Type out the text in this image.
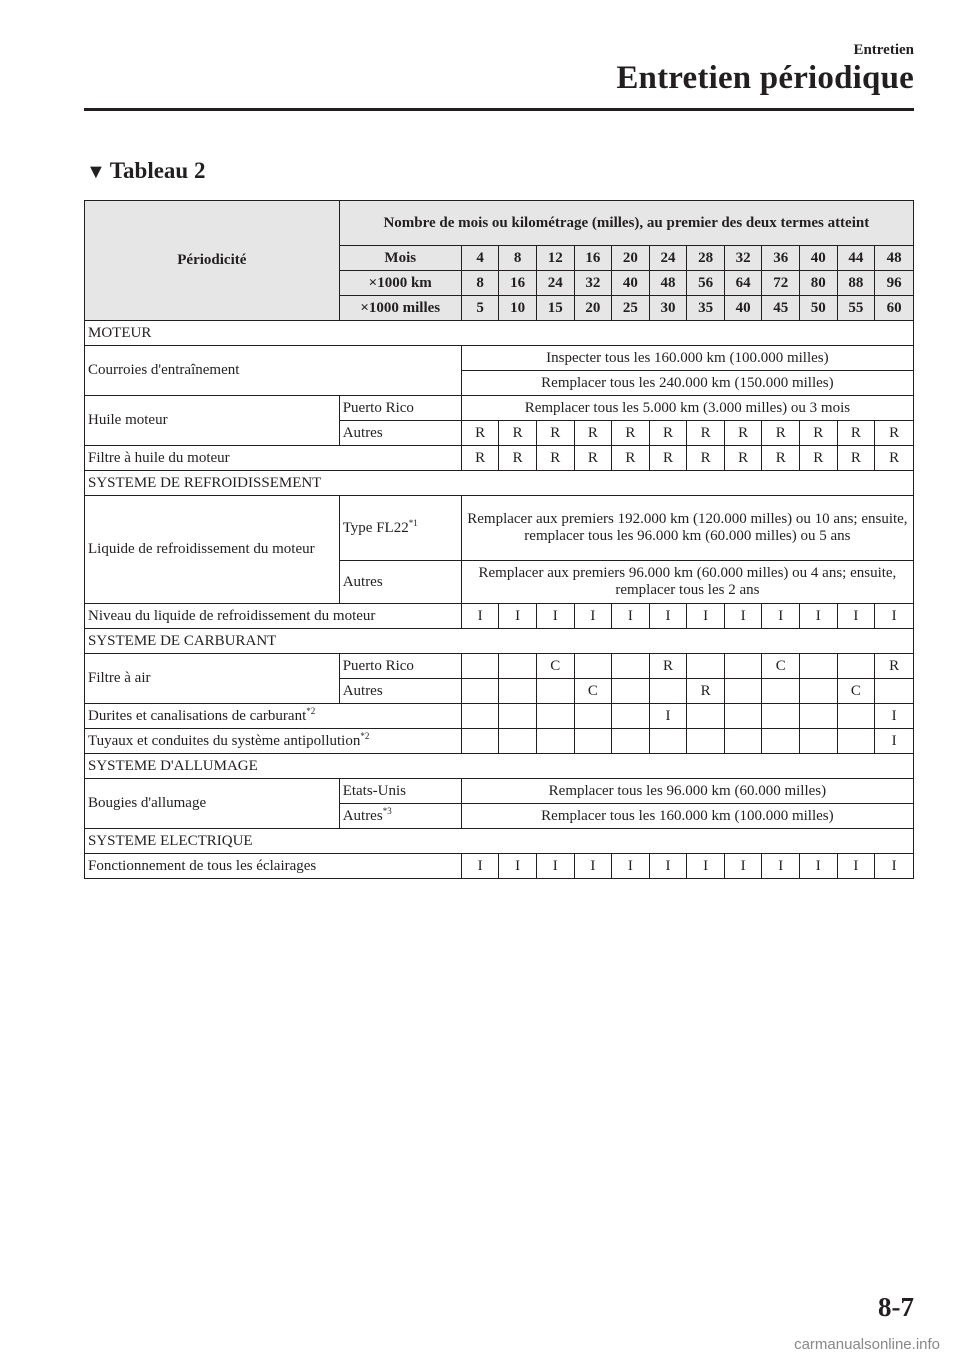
Entretien
Entretien périodique
▼ Tableau 2
Périodicité	Nombre de mois ou kilométrage (milles), au premier des deux termes atteint												
	Mois	4	8	12	16	20	24	28	32	36	40	44	48
	×1000 km	8	16	24	32	40	48	56	64	72	80	88	96
	×1000 milles	5	10	15	20	25	30	35	40	45	50	55	60
MOTEUR													
Courroies d'entraînement		Inspecter tous les 160.000 km (100.000 milles)											
		Remplacer tous les 240.000 km (150.000 milles)											
Huile moteur	Puerto Rico	Remplacer tous les 5.000 km (3.000 milles) ou 3 mois											
	Autres	R	R	R	R	R	R	R	R	R	R	R	R
Filtre à huile du moteur		R	R	R	R	R	R	R	R	R	R	R	R
SYSTEME DE REFROIDISSEMENT													
Liquide de refroidissement du moteur	Type FL22$^{*1}$	Remplacer aux premiers 192.000 km (120.000 milles) ou 10 ans; ensuite, remplacer tous les 96.000 km (60.000 milles) ou 5 ans											
	Autres	Remplacer aux premiers 96.000 km (60.000 milles) ou 4 ans; ensuite, remplacer tous les 2 ans											
Niveau du liquide de refroidissement du moteur		I	I	I	I	I	I	I	I	I	I	I	I
SYSTEME DE CARBURANT													
Filtre à air	Puerto Rico			C			R			C			R
	Autres				C			R				C	
Durites et canalisations de carburant$^{*2}$							I						I
Tuyaux et conduites du système antipollution$^{*2}$													I
SYSTEME D'ALLUMAGE													
Bougies d'allumage	Etats-Unis	Remplacer tous les 96.000 km (60.000 milles)											
	Autres$^{*3}$	Remplacer tous les 160.000 km (100.000 milles)											
SYSTEME ELECTRIQUE													
Fonctionnement de tous les éclairages		I	I	I	I	I	I	I	I	I	I	I	I
8-7
carmanualsonline.info
